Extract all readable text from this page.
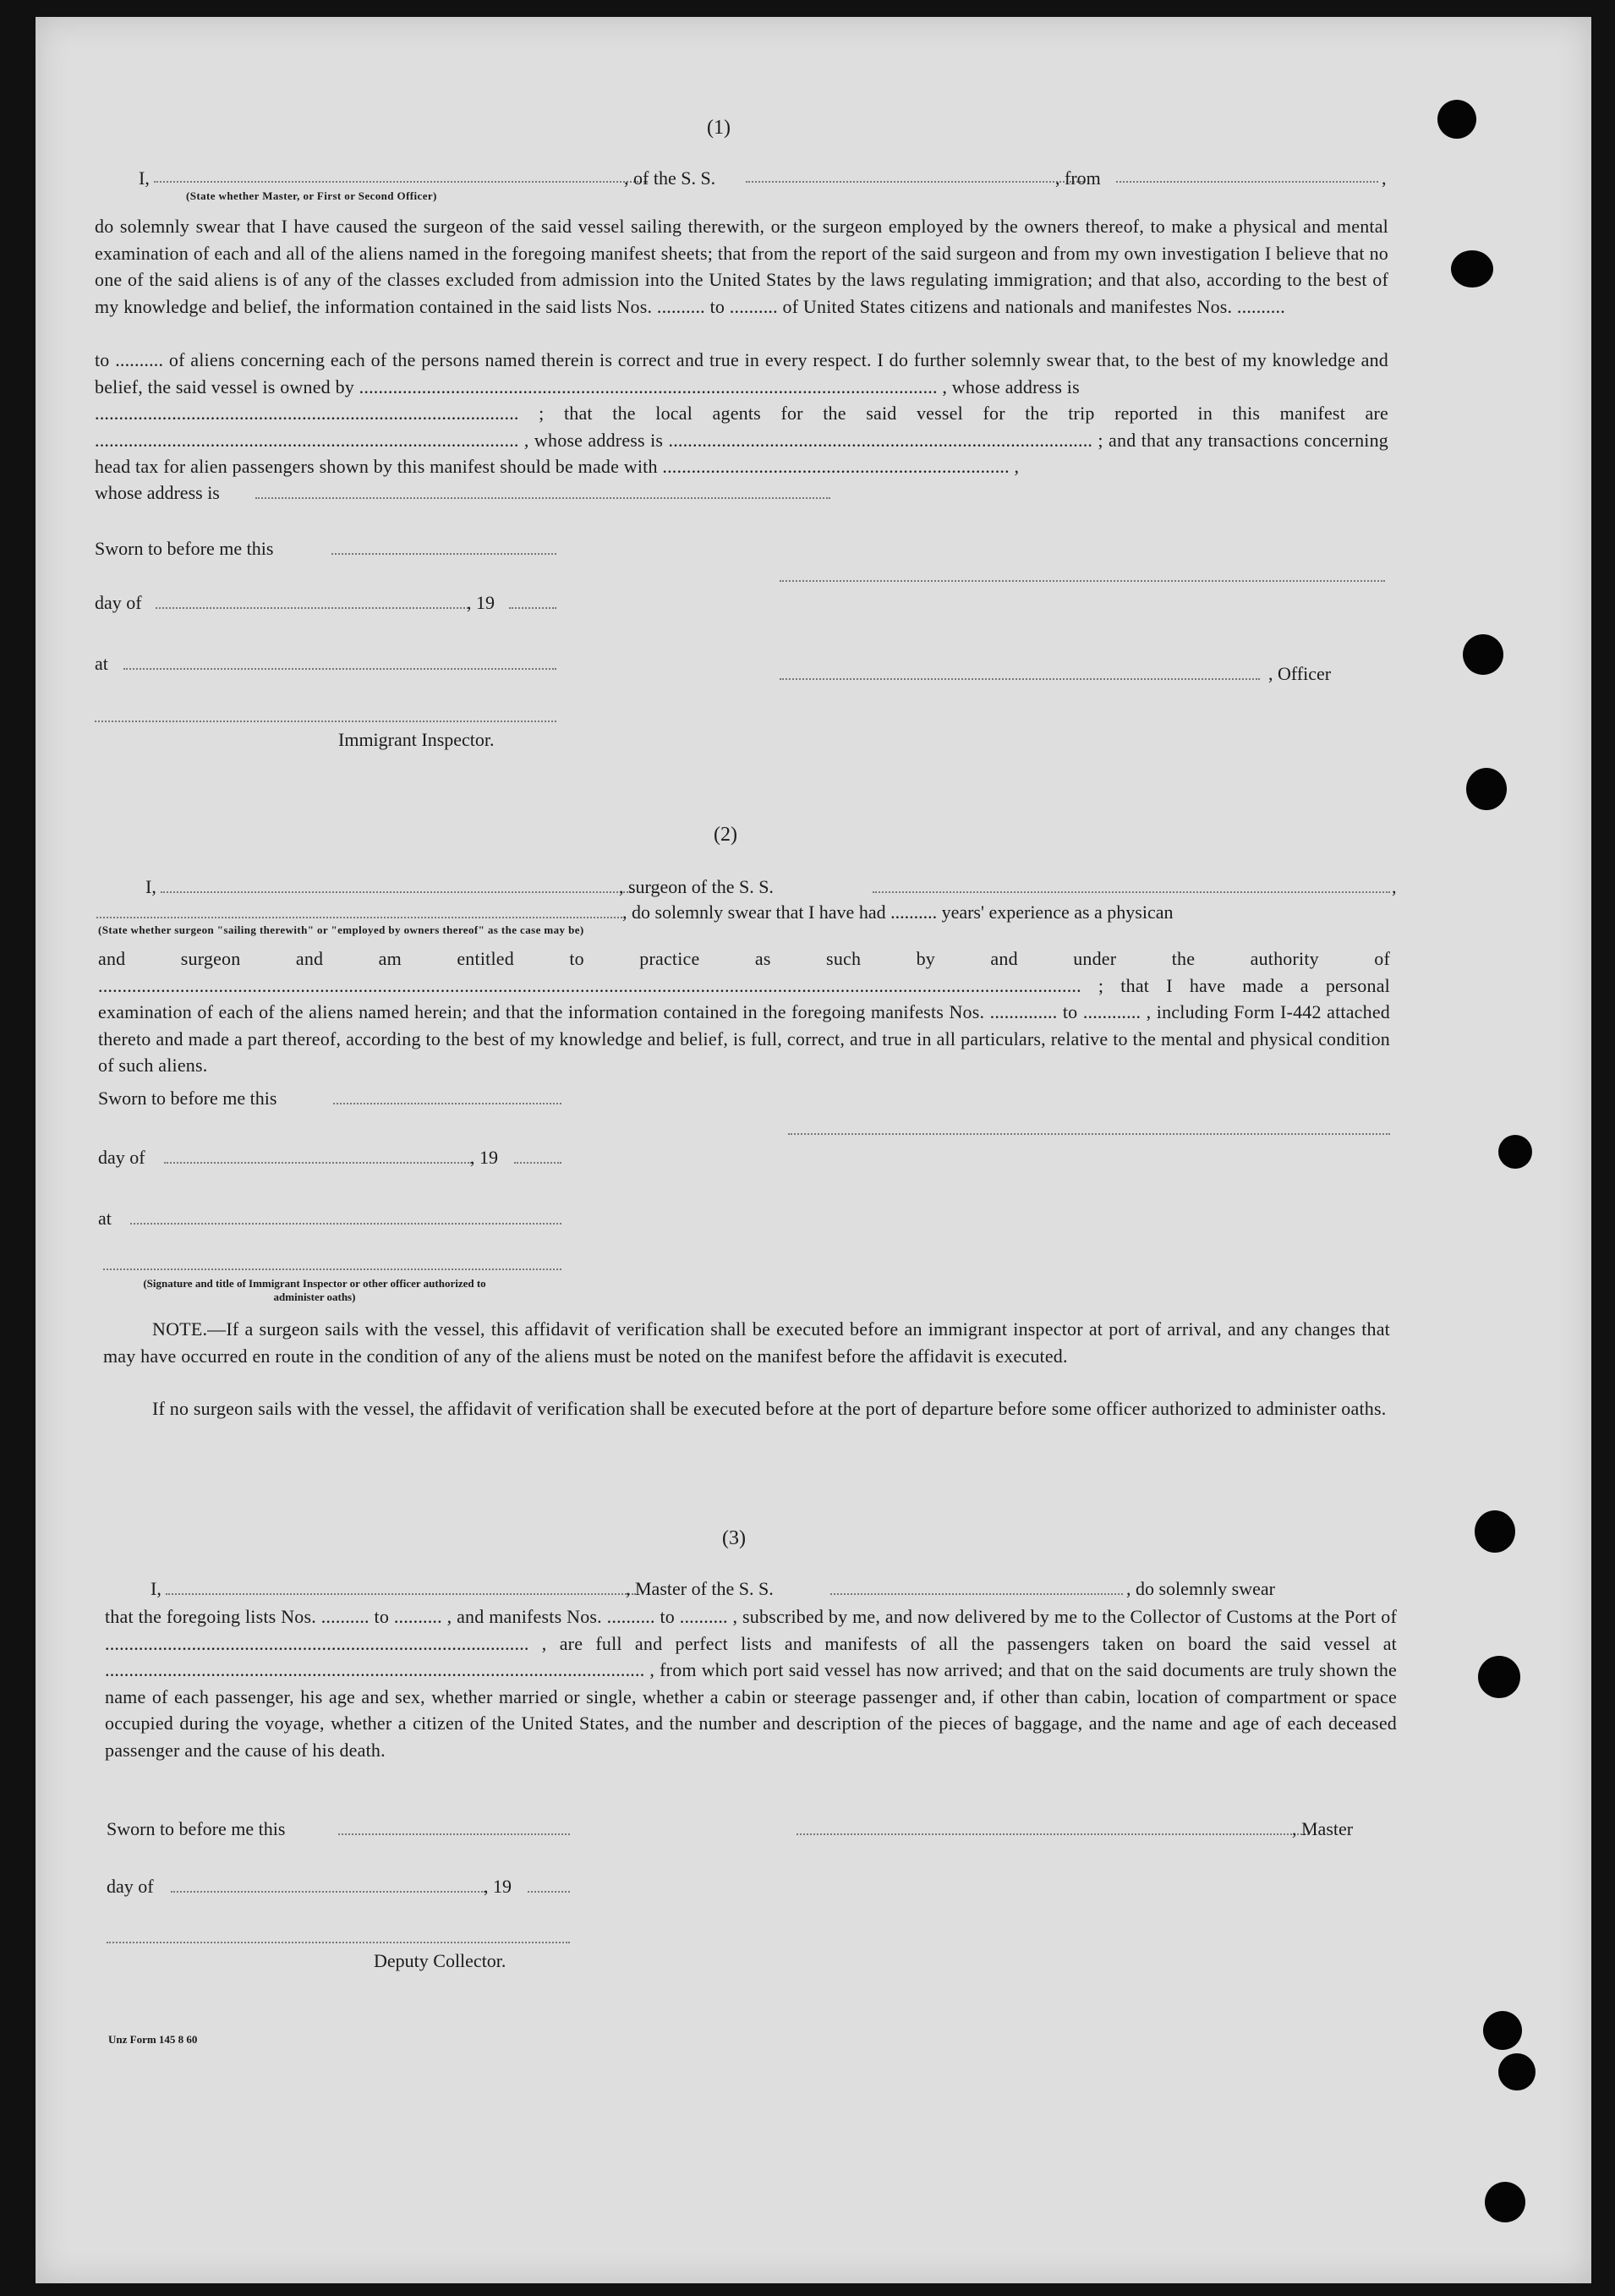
(1)
I,	, of the S. S.	, from	,
(State whether Master, or First or Second Officer)
do solemnly swear that I have caused the surgeon of the said vessel sailing therewith, or the surgeon employed by the owners thereof, to make a physical and mental examination of each and all of the aliens named in the foregoing manifest sheets; that from the report of the said surgeon and from my own investigation I believe that no one of the said aliens is of any of the classes excluded from admission into the United States by the laws regulating immigration; and that also, according to the best of my knowledge and belief, the information contained in the said lists Nos. .......... to .......... of United States citizens and nationals and manifestes Nos. ..........
to .......... of aliens concerning each of the persons named therein is correct and true in every respect. I do further solemnly swear that, to the best of my knowledge and belief, the said vessel is owned by ........................................................................................................................ , whose address is
........................................................................................ ; that the local agents for the said vessel for the trip reported in this manifest are ........................................................................................ , whose address is ........................................................................................ ; and that any transactions concerning head tax for alien passengers shown by this manifest should be made with ........................................................................ ,
whose address is
Sworn to before me this
day of	, 19
at	, Officer
Immigrant Inspector.
(2)
I,	, surgeon of the S. S.	,
, do solemnly swear that I have had .......... years' experience as a physican
(State whether surgeon "sailing therewith" or "employed by owners thereof" as the case may be)
and surgeon and am entitled to practice as such by and under the authority of ............................................................................................................................................................................................................ ; that I have made a personal examination of each of the aliens named herein; and that the information contained in the foregoing manifests Nos. .............. to ............ , including Form I-442 attached thereto and made a part thereof, according to the best of my knowledge and belief, is full, correct, and true in all particulars, relative to the mental and physical condition of such aliens.
Sworn to before me this
day of	, 19
at
(Signature and title of Immigrant Inspector or other officer authorized to administer oaths)
NOTE.—If a surgeon sails with the vessel, this affidavit of verification shall be executed before an immigrant inspector at port of arrival, and any changes that may have occurred en route in the condition of any of the aliens must be noted on the manifest before the affidavit is executed.
If no surgeon sails with the vessel, the affidavit of verification shall be executed before at the port of departure before some officer authorized to administer oaths.
(3)
I,	, Master of the S. S.	, do solemnly swear
that the foregoing lists Nos. .......... to .......... , and manifests Nos. .......... to .......... , subscribed by me, and now delivered by me to the Collector of Customs at the Port of ........................................................................................ , are full and perfect lists and manifests of all the passengers taken on board the said vessel at ................................................................................................................ , from which port said vessel has now arrived; and that on the said documents are truly shown the name of each passenger, his age and sex, whether married or single, whether a cabin or steerage passenger and, if other than cabin, location of compartment or space occupied during the voyage, whether a citizen of the United States, and the number and description of the pieces of baggage, and the name and age of each deceased passenger and the cause of his death.
Sworn to before me this	, Master
day of	, 19
Deputy Collector.
Unz Form 145 8 60
